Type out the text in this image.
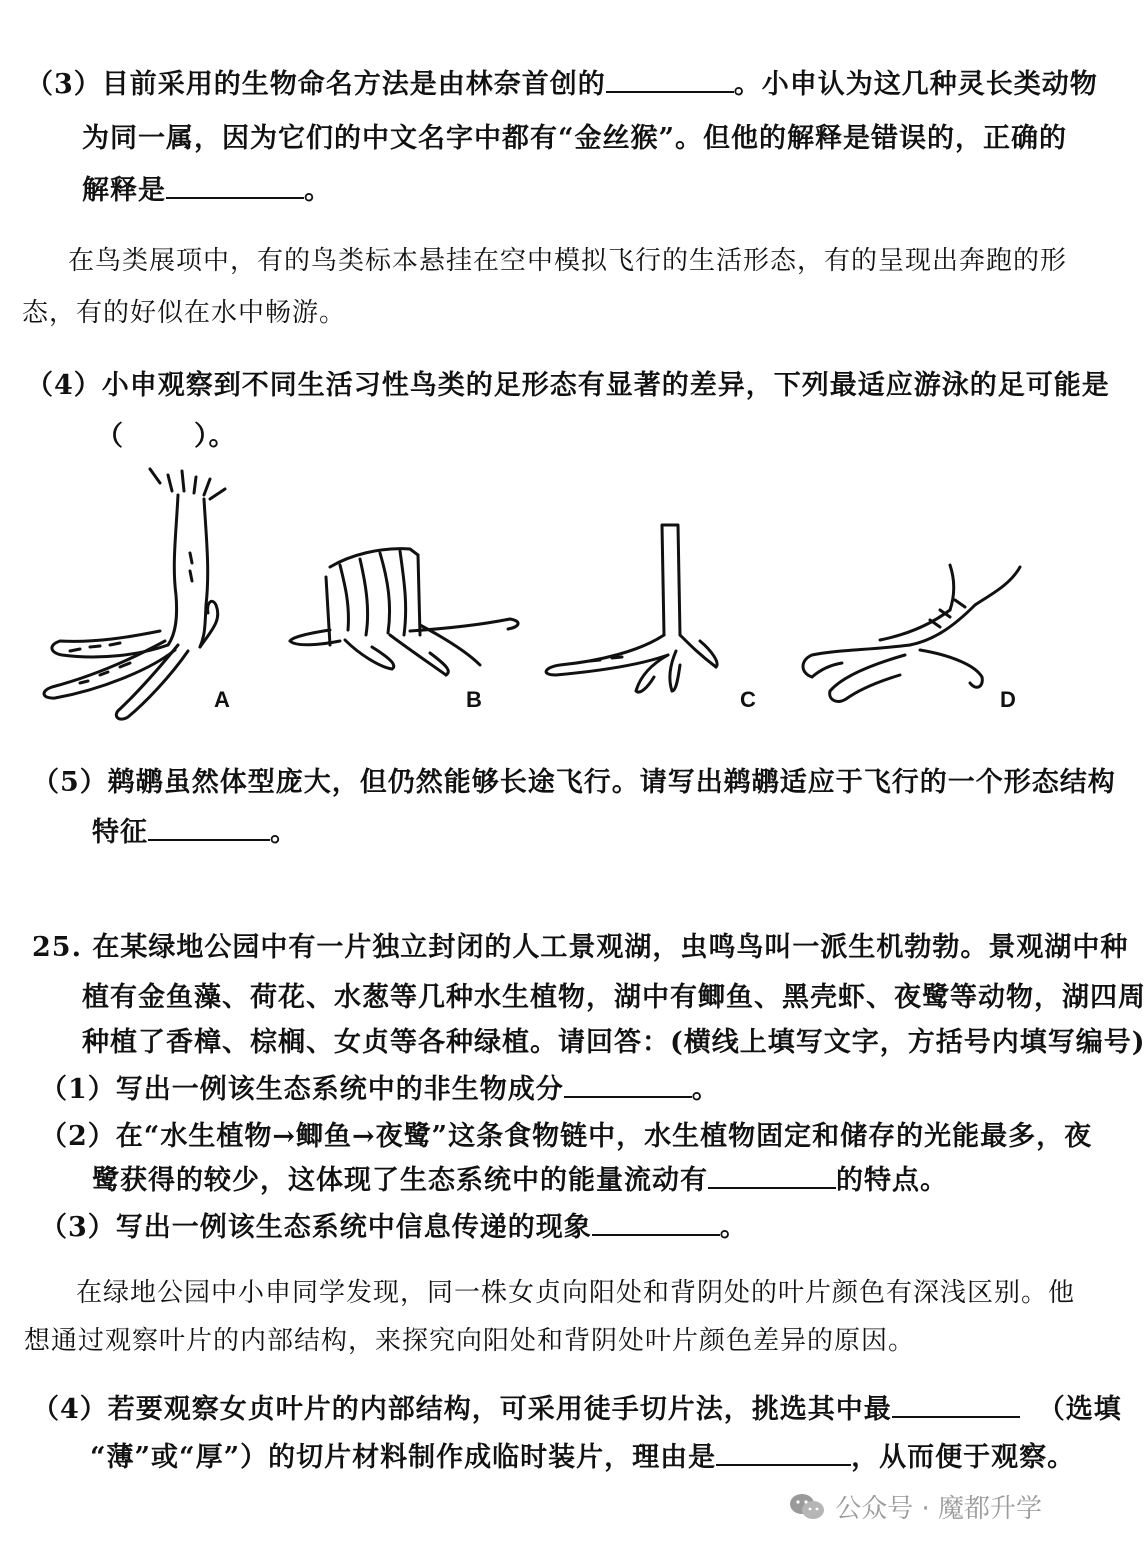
（3）目前采用的生物命名方法是由林奈首创的	。小申认为这几种灵长类动物
为同一属，因为它们的中文名字中都有“金丝猴”。但他的解释是错误的，正确的
解释是	。
在鸟类展项中，有的鸟类标本悬挂在空中模拟飞行的生活形态，有的呈现出奔跑的形
态，有的好似在水中畅游。
（4）小申观察到不同生活习性鸟类的足形态有显著的差异，下列最适应游泳的足可能是
（	）。
A	B	C	D
（5）鹈鹕虽然体型庞大，但仍然能够长途飞行。请写出鹈鹕适应于飞行的一个形态结构
特征	。
25. 在某绿地公园中有一片独立封闭的人工景观湖，虫鸣鸟叫一派生机勃勃。景观湖中种
植有金鱼藻、荷花、水葱等几种水生植物，湖中有鲫鱼、黑壳虾、夜鹭等动物，湖四周
种植了香樟、棕榈、女贞等各种绿植。请回答：(横线上填写文字，方括号内填写编号)
（1）写出一例该生态系统中的非生物成分	。
（2）在“水生植物→鲫鱼→夜鹭”这条食物链中，水生植物固定和储存的光能最多，夜
鹭获得的较少，这体现了生态系统中的能量流动有	的特点。
（3）写出一例该生态系统中信息传递的现象	。
在绿地公园中小申同学发现，同一株女贞向阳处和背阴处的叶片颜色有深浅区别。他
想通过观察叶片的内部结构，来探究向阳处和背阴处叶片颜色差异的原因。
（4）若要观察女贞叶片的内部结构，可采用徒手切片法，挑选其中最	（选填
“薄”或“厚”）的切片材料制作成临时装片，理由是	，从而便于观察。
公众号 · 魔都升学
